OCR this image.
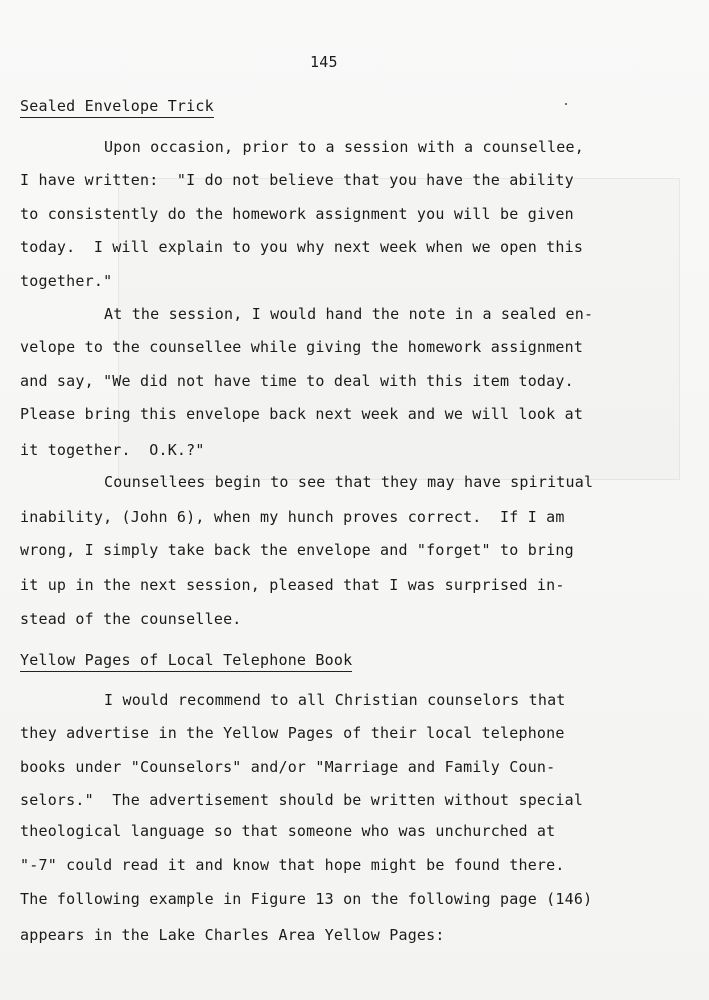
145
Sealed Envelope Trick
Upon occasion, prior to a session with a counsellee,
I have written:  "I do not believe that you have the ability
to consistently do the homework assignment you will be given
today.  I will explain to you why next week when we open this
together."
At the session, I would hand the note in a sealed en-
velope to the counsellee while giving the homework assignment
and say, "We did not have time to deal with this item today.
Please bring this envelope back next week and we will look at
it together.  O.K.?"
Counsellees begin to see that they may have spiritual
inability, (John 6), when my hunch proves correct.  If I am
wrong, I simply take back the envelope and "forget" to bring
it up in the next session, pleased that I was surprised in-
stead of the counsellee.
Yellow Pages of Local Telephone Book
I would recommend to all Christian counselors that
they advertise in the Yellow Pages of their local telephone
books under "Counselors" and/or "Marriage and Family Coun-
selors."  The advertisement should be written without special
theological language so that someone who was unchurched at
"-7" could read it and know that hope might be found there.
The following example in Figure 13 on the following page (146)
appears in the Lake Charles Area Yellow Pages:
